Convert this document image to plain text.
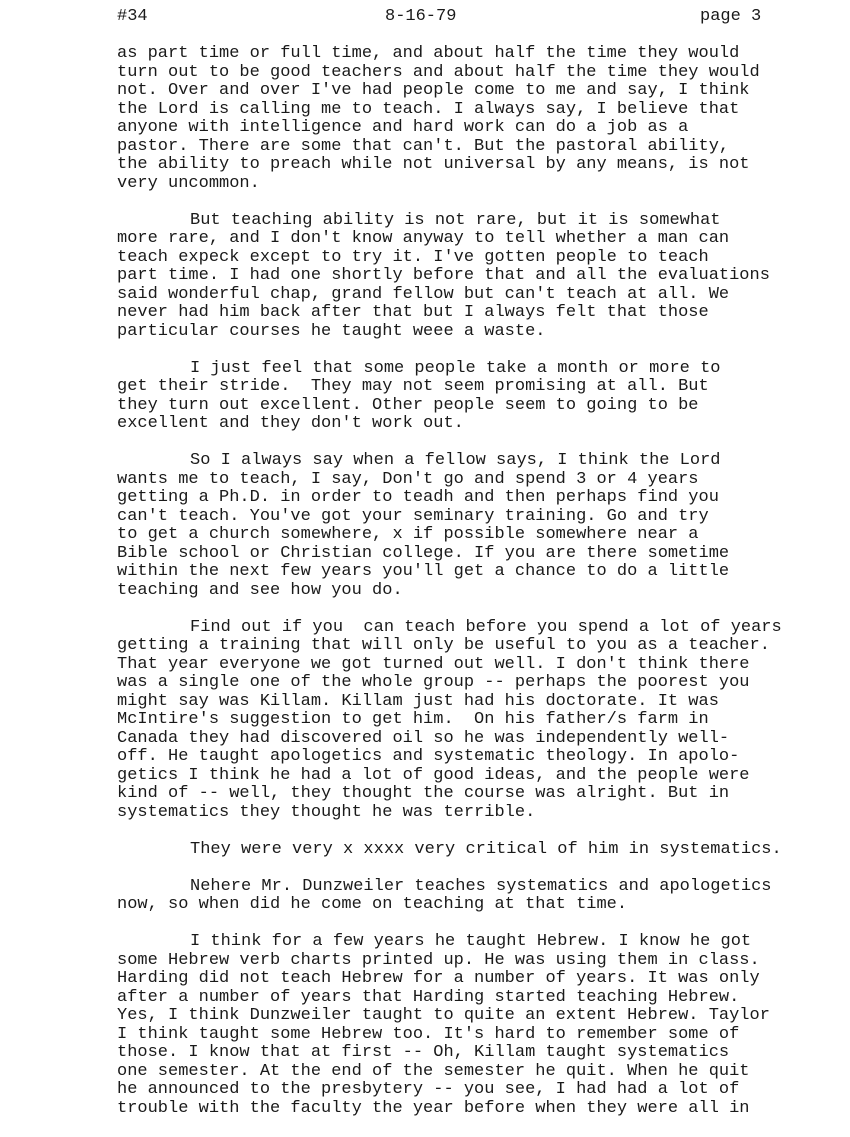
#34	8-16-79	page 3
as part time or full time, and about half the time they would
turn out to be good teachers and about half the time they would
not. Over and over I've had people come to me and say, I think
the Lord is calling me to teach. I always say, I believe that
anyone with intelligence and hard work can do a job as a
pastor. There are some that can't. But the pastoral ability,
the ability to preach while not universal by any means, is not
very uncommon.
But teaching ability is not rare, but it is somewhat
more rare, and I don't know anyway to tell whether a man can
teach expeck except to try it. I've gotten people to teach
part time. I had one shortly before that and all the evaluations
said wonderful chap, grand fellow but can't teach at all. We
never had him back after that but I always felt that those
particular courses he taught weee a waste.
I just feel that some people take a month or more to
get their stride.  They may not seem promising at all. But
they turn out excellent. Other people seem to going to be
excellent and they don't work out.
So I always say when a fellow says, I think the Lord
wants me to teach, I say, Don't go and spend 3 or 4 years
getting a Ph.D. in order to teadh and then perhaps find you
can't teach. You've got your seminary training. Go and try
to get a church somewhere, x if possible somewhere near a
Bible school or Christian college. If you are there sometime
within the next few years you'll get a chance to do a little
teaching and see how you do.
Find out if you  can teach before you spend a lot of years
getting a training that will only be useful to you as a teacher.
That year everyone we got turned out well. I don't think there
was a single one of the whole group -- perhaps the poorest you
might say was Killam. Killam just had his doctorate. It was
McIntire's suggestion to get him.  On his father/s farm in
Canada they had discovered oil so he was independently well-
off. He taught apologetics and systematic theology. In apolo-
getics I think he had a lot of good ideas, and the people were
kind of -- well, they thought the course was alright. But in
systematics they thought he was terrible.
They were very x xxxx very critical of him in systematics.
Nehere Mr. Dunzweiler teaches systematics and apologetics
now, so when did he come on teaching at that time.
I think for a few years he taught Hebrew. I know he got
some Hebrew verb charts printed up. He was using them in class.
Harding did not teach Hebrew for a number of years. It was only
after a number of years that Harding started teaching Hebrew.
Yes, I think Dunzweiler taught to quite an extent Hebrew. Taylor
I think taught some Hebrew too. It's hard to remember some of
those. I know that at first -- Oh, Killam taught systematics
one semester. At the end of the semester he quit. When he quit
he announced to the presbytery -- you see, I had had a lot of
trouble with the faculty the year before when they were all in
